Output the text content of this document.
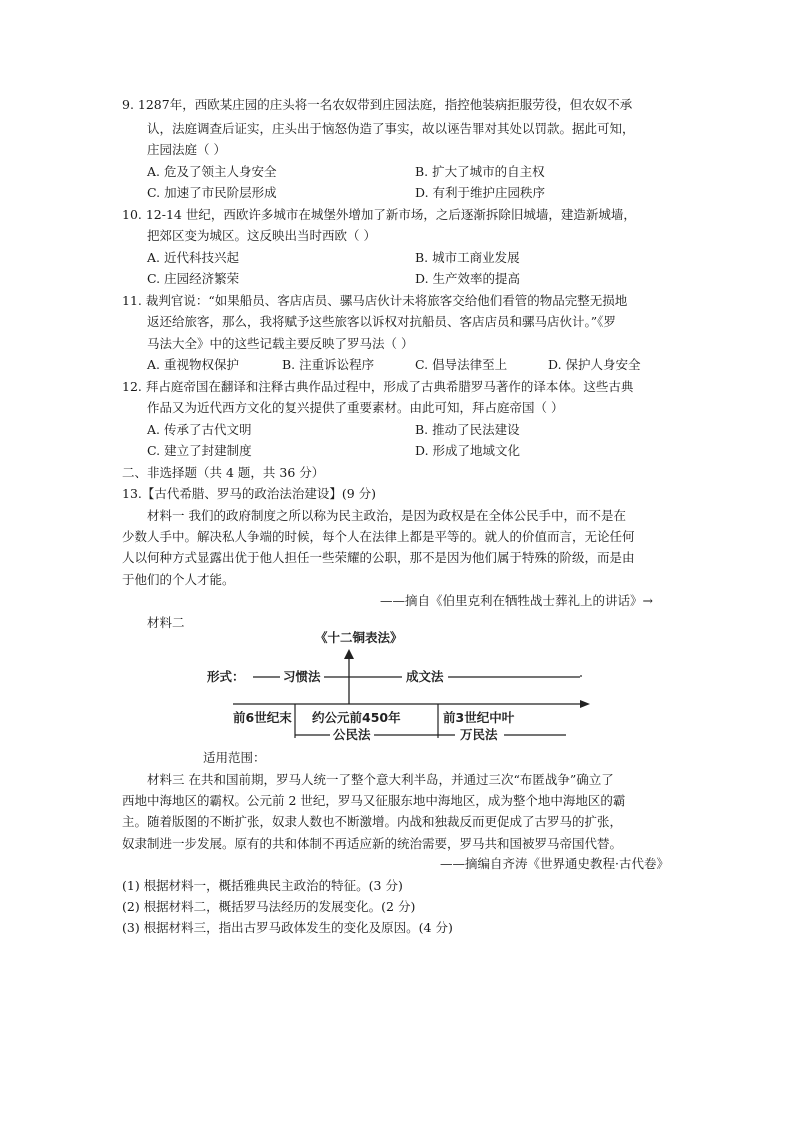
9. 1287年，西欧某庄园的庄头将一名农奴带到庄园法庭，指控他装病拒服劳役，但农奴不承
认，法庭调查后证实，庄头出于恼怒伪造了事实，故以诬告罪对其处以罚款。据此可知，
庄园法庭（ ）
A. 危及了领主人身安全	B. 扩大了城市的自主权
C. 加速了市民阶层形成	D. 有利于维护庄园秩序
10. 12-14 世纪，西欧许多城市在城堡外增加了新市场，之后逐渐拆除旧城墙，建造新城墙，
把郊区变为城区。这反映出当时西欧（ ）
A. 近代科技兴起	B. 城市工商业发展
C. 庄园经济繁荣	D. 生产效率的提高
11. 裁判官说：“如果船员、客店店员、骡马店伙计未将旅客交给他们看管的物品完整无损地
返还给旅客，那么，我将赋予这些旅客以诉权对抗船员、客店店员和骡马店伙计。”《罗
马法大全》中的这些记载主要反映了罗马法（ ）
A. 重视物权保护	B. 注重诉讼程序	C. 倡导法律至上	D. 保护人身安全
12. 拜占庭帝国在翻译和注释古典作品过程中，形成了古典希腊罗马著作的译本体。这些古典
作品又为近代西方文化的复兴提供了重要素材。由此可知，拜占庭帝国（ ）
A. 传承了古代文明	B. 推动了民法建设
C. 建立了封建制度	D. 形成了地域文化
二、非选择题（共 4 题，共 36 分）
13.【古代希腊、罗马的政治法治建设】(9 分)
材料一 我们的政府制度之所以称为民主政治，是因为政权是在全体公民手中，而不是在
少数人手中。解决私人争端的时候，每个人在法律上都是平等的。就人的价值而言，无论任何
人以何种方式显露出优于他人担任一些荣耀的公职，那不是因为他们属于特殊的阶级，而是由
于他们的个人才能。
——摘自《伯里克利在牺牲战士葬礼上的讲话》→
材料二
《十二铜表法》
形式：	习惯法	成文法
前6世纪末 约公元前450年	前3世纪中叶
公民法	万民法
适用范围：
材料三 在共和国前期，罗马人统一了整个意大利半岛，并通过三次“布匿战争”确立了
西地中海地区的霸权。公元前 2 世纪，罗马又征服东地中海地区，成为整个地中海地区的霸
主。随着版图的不断扩张，奴隶人数也不断激增。内战和独裁反而更促成了古罗马的扩张，
奴隶制进一步发展。原有的共和体制不再适应新的统治需要，罗马共和国被罗马帝国代替。
——摘编自齐涛《世界通史教程·古代卷》
(1) 根据材料一，概括雅典民主政治的特征。(3 分)
(2) 根据材料二，概括罗马法经历的发展变化。(2 分)
(3) 根据材料三，指出古罗马政体发生的变化及原因。(4 分)
